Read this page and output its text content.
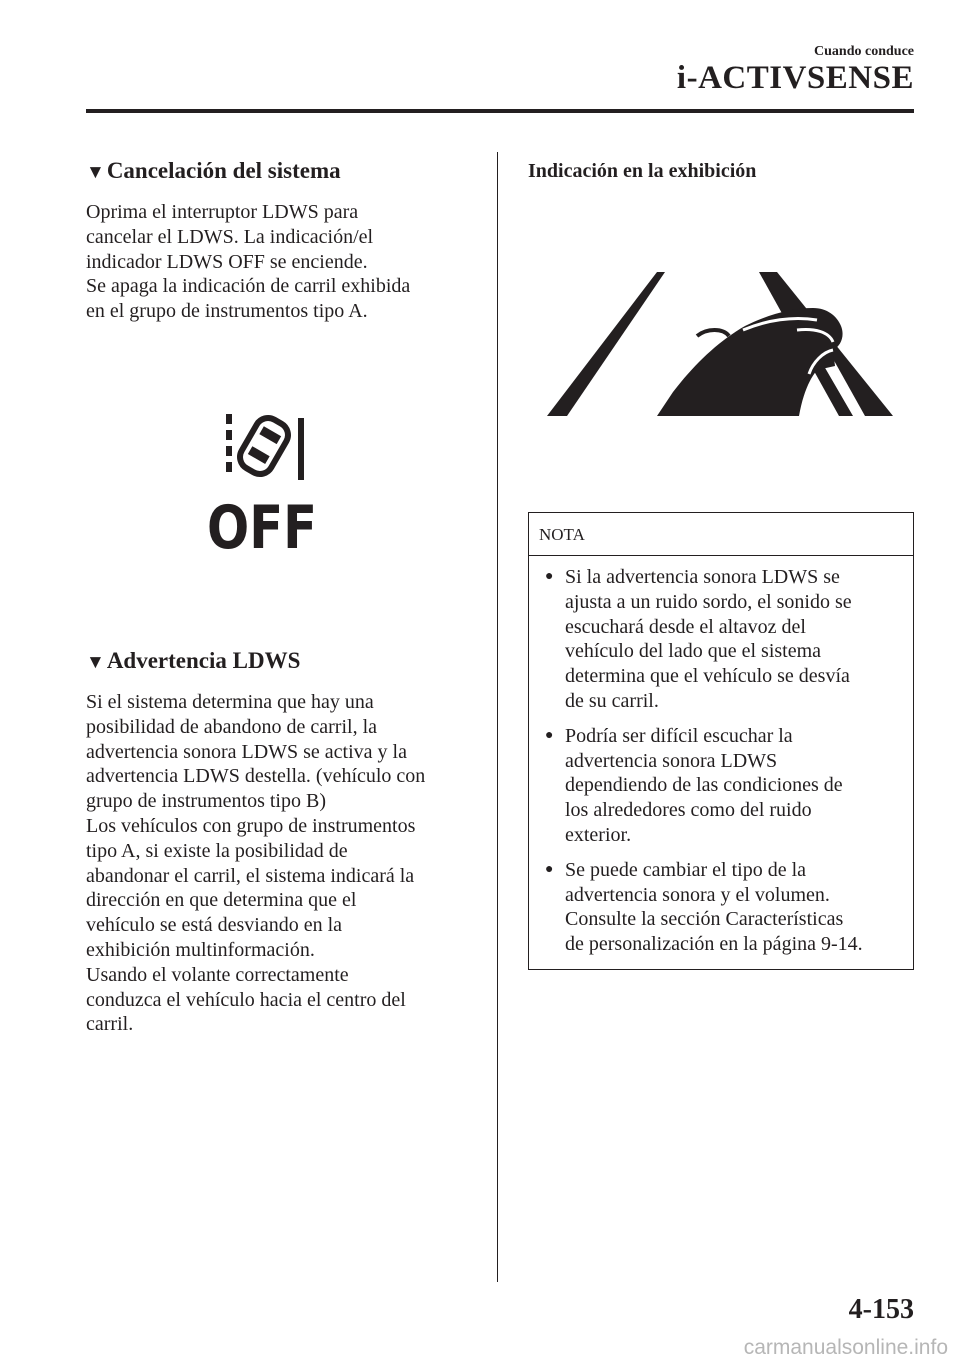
Cuando conduce
i-ACTIVSENSE
▼Cancelación del sistema

Oprima el interruptor LDWS para
cancelar el LDWS. La indicación/el
indicador LDWS OFF se enciende.
Se apaga la indicación de carril exhibida
en el grupo de instrumentos tipo A.

OFF
▼Advertencia LDWS

Si el sistema determina que hay una
posibilidad de abandono de carril, la
advertencia sonora LDWS se activa y la
advertencia LDWS destella. (vehículo con
grupo de instrumentos tipo B)
Los vehículos con grupo de instrumentos
tipo A, si existe la posibilidad de
abandonar el carril, el sistema indicará la
dirección en que determina que el
vehículo se está desviando en la
exhibición multinformación.
Usando el volante correctamente
conduzca el vehículo hacia el centro del
carril.

Indicación en la exhibición
NOTA
● Si la advertencia sonora LDWS se
ajusta a un ruido sordo, el sonido se
escuchará desde el altavoz del
vehículo del lado que el sistema
determina que el vehículo se desvía
de su carril.
● Podría ser difícil escuchar la
advertencia sonora LDWS
dependiendo de las condiciones de
los alrededores como del ruido
exterior.
● Se puede cambiar el tipo de la
advertencia sonora y el volumen.
Consulte la sección Características
de personalización en la página 9-14.
4-153
carmanualsonline.info
